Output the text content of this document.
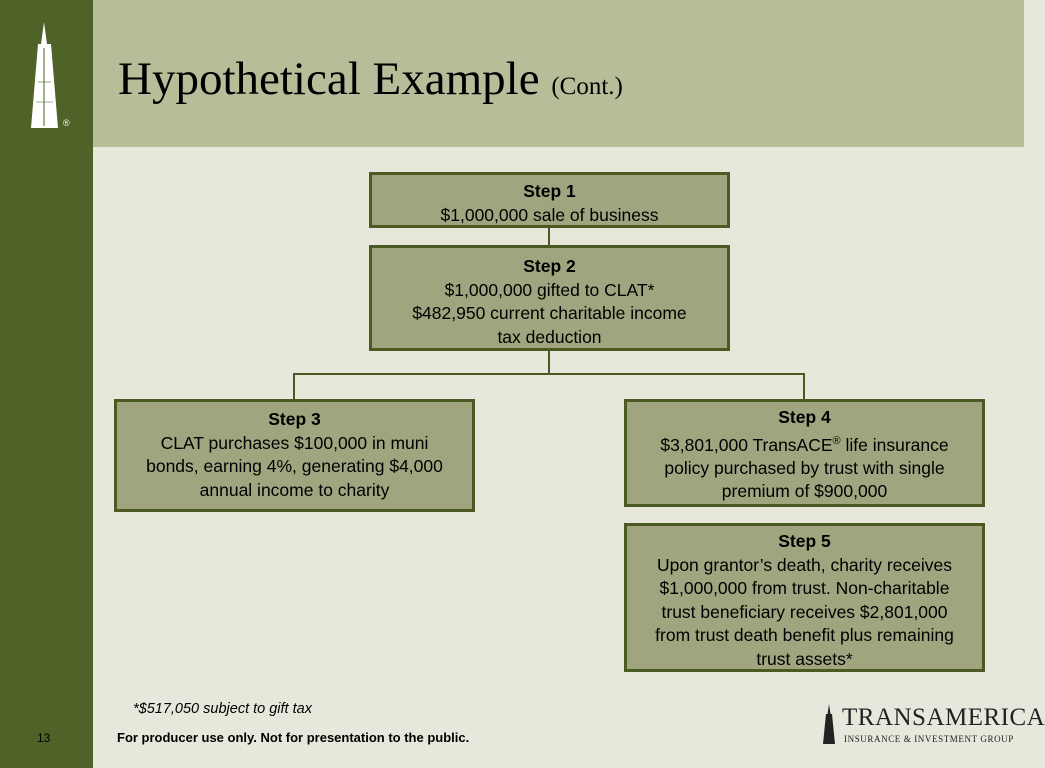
®
Hypothetical Example (Cont.)
Step 1
$1,000,000 sale of business
Step 2
$1,000,000 gifted to CLAT*
$482,950 current charitable income
tax deduction
Step 3
CLAT purchases $100,000 in muni
bonds, earning 4%, generating $4,000
annual income to charity
Step 4
$3,801,000 TransACE® life insurance
policy purchased by trust with single
premium of $900,000
Step 5
Upon grantor’s death, charity receives
$1,000,000 from trust. Non-charitable
trust beneficiary receives $2,801,000
from trust death benefit plus remaining
trust assets*
*$517,050 subject to gift tax
13	For producer use only. Not for presentation to the public.
TRANSAMERICA
INSURANCE & INVESTMENT GROUP
